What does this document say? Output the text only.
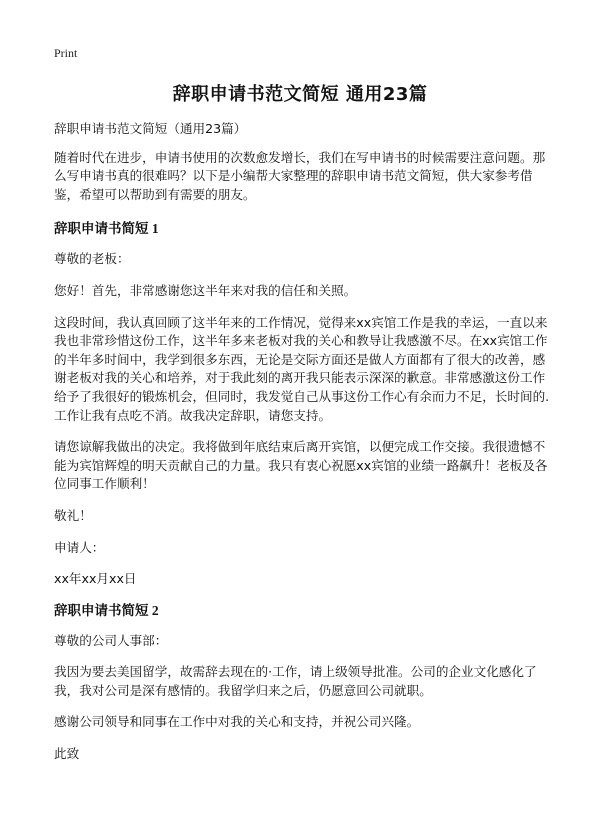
Print
辞职申请书范文简短 通用23篇

辞职申请书范文简短（通用23篇）

随着时代在进步，申请书使用的次数愈发增长，我们在写申请书的时候需要注意问题。那么写申请书真的很难吗？以下是小编帮大家整理的辞职申请书范文简短，供大家参考借鉴，希望可以帮助到有需要的朋友。

辞职申请书简短 1

尊敬的老板：

您好！首先，非常感谢您这半年来对我的信任和关照。

这段时间，我认真回顾了这半年来的工作情况，觉得来xx宾馆工作是我的幸运，一直以来我也非常珍惜这份工作，这半年多来老板对我的关心和教导让我感激不尽。在xx宾馆工作的半年多时间中，我学到很多东西，无论是交际方面还是做人方面都有了很大的改善，感谢老板对我的关心和培养，对于我此刻的离开我只能表示深深的歉意。非常感激这份工作给予了我很好的锻炼机会，但同时，我发觉自己从事这份工作心有余而力不足，长时间的.工作让我有点吃不消。故我决定辞职，请您支持。

请您谅解我做出的决定。我将做到年底结束后离开宾馆，以便完成工作交接。我很遗憾不能为宾馆辉煌的明天贡献自己的力量。我只有衷心祝愿xx宾馆的业绩一路飙升！老板及各位同事工作顺利！

敬礼！

申请人：

xx年xx月xx日

辞职申请书简短 2

尊敬的公司人事部：

我因为要去美国留学，故需辞去现在的·工作，请上级领导批准。公司的企业文化感化了我，我对公司是深有感情的。我留学归来之后，仍愿意回公司就职。

感谢公司领导和同事在工作中对我的关心和支持，并祝公司兴隆。

此致
